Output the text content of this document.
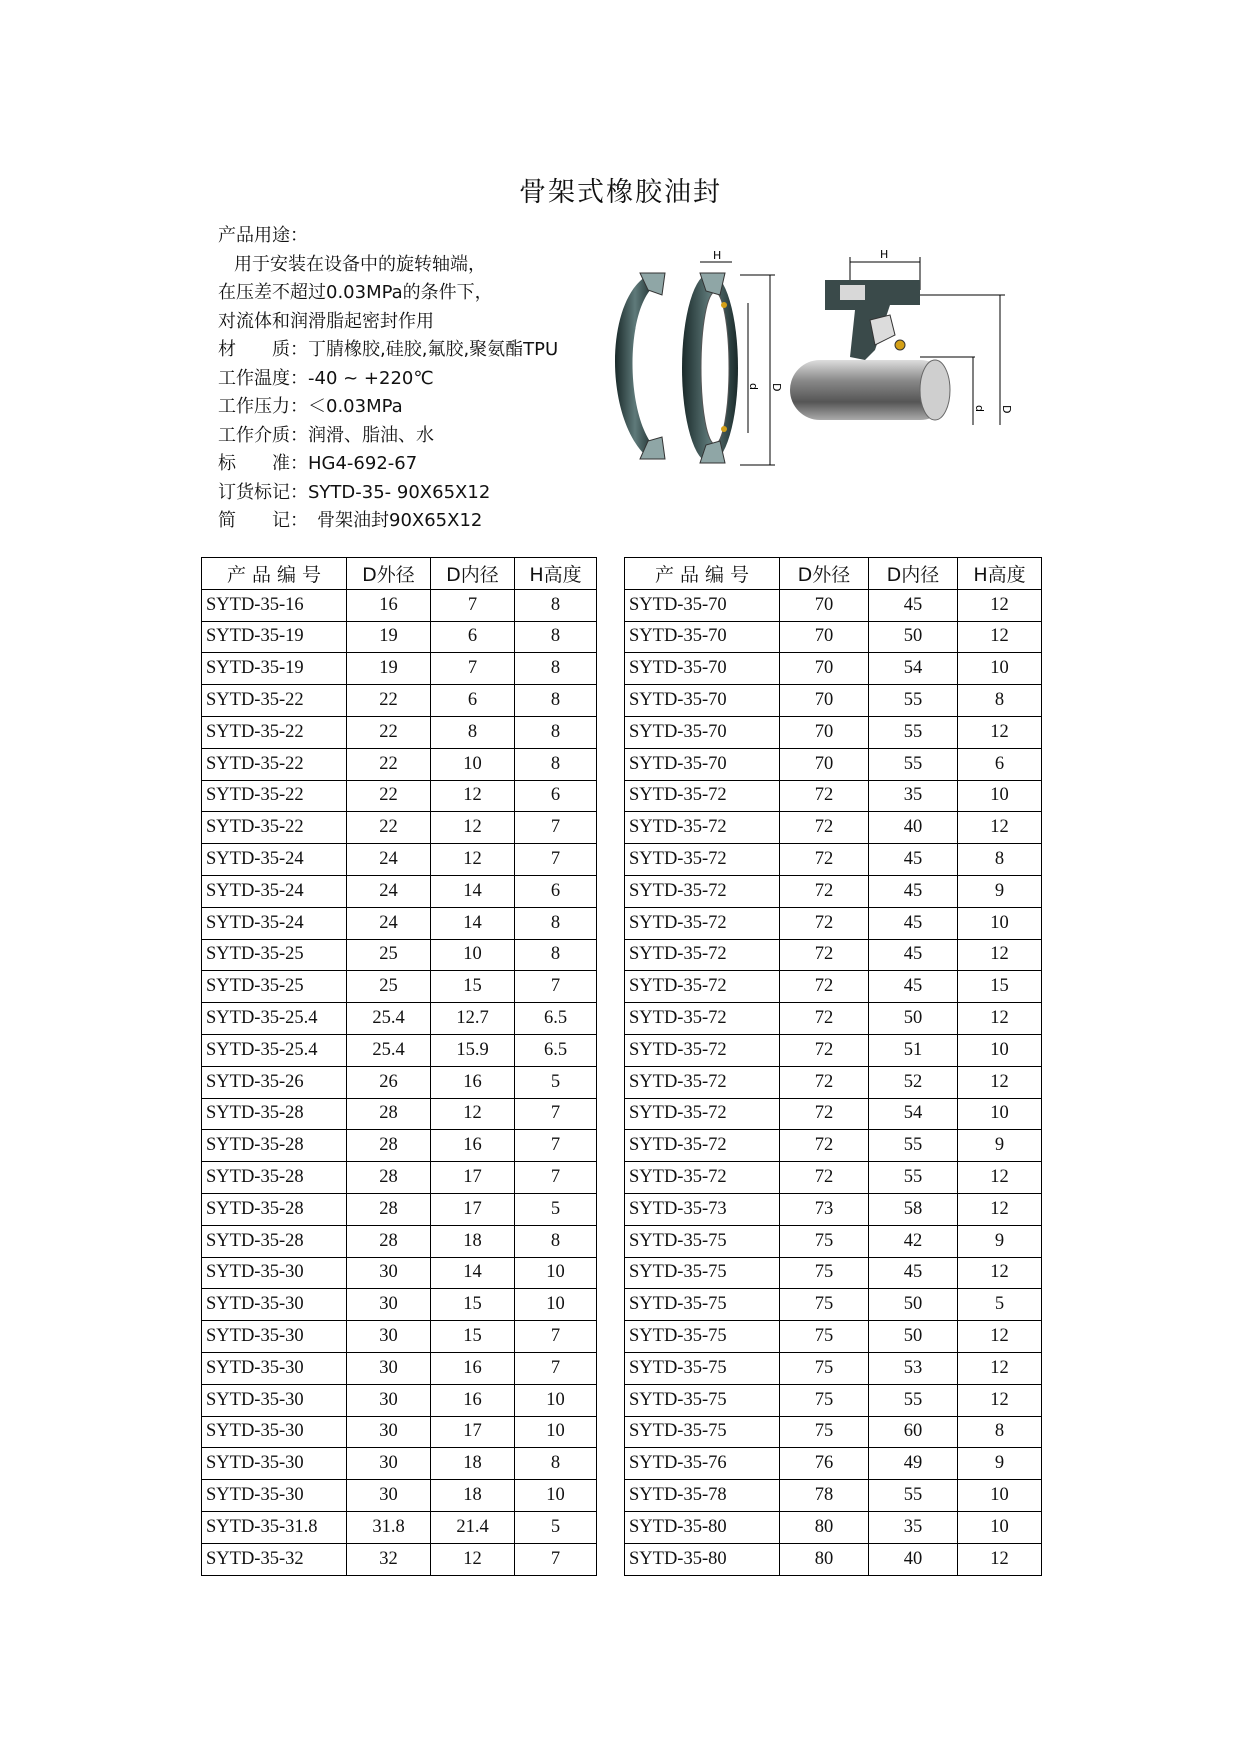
骨架式橡胶油封
产品用途：
用于安装在设备中的旋转轴端，
在压差不超过0.03MPa的条件下，
对流体和润滑脂起密封作用
材　　质：丁腈橡胶,硅胶,氟胶,聚氨酯TPU
工作温度：-40 ~ +220℃
工作压力：＜0.03MPa
工作介质：润滑、脂油、水
标　　准：HG4-692-67
订货标记：SYTD-35- 90X65X12
简　　记：　骨架油封90X65X12
H
d D
H
d D
产 品 编 号	D外径	D内径	H高度
SYTD-35-16	16	7	8
SYTD-35-19	19	6	8
SYTD-35-19	19	7	8
SYTD-35-22	22	6	8
SYTD-35-22	22	8	8
SYTD-35-22	22	10	8
SYTD-35-22	22	12	6
SYTD-35-22	22	12	7
SYTD-35-24	24	12	7
SYTD-35-24	24	14	6
SYTD-35-24	24	14	8
SYTD-35-25	25	10	8
SYTD-35-25	25	15	7
SYTD-35-25.4	25.4	12.7	6.5
SYTD-35-25.4	25.4	15.9	6.5
SYTD-35-26	26	16	5
SYTD-35-28	28	12	7
SYTD-35-28	28	16	7
SYTD-35-28	28	17	7
SYTD-35-28	28	17	5
SYTD-35-28	28	18	8
SYTD-35-30	30	14	10
SYTD-35-30	30	15	10
SYTD-35-30	30	15	7
SYTD-35-30	30	16	7
SYTD-35-30	30	16	10
SYTD-35-30	30	17	10
SYTD-35-30	30	18	8
SYTD-35-30	30	18	10
SYTD-35-31.8	31.8	21.4	5
SYTD-35-32	32	12	7
产 品 编 号	D外径	D内径	H高度
SYTD-35-70	70	45	12
SYTD-35-70	70	50	12
SYTD-35-70	70	54	10
SYTD-35-70	70	55	8
SYTD-35-70	70	55	12
SYTD-35-70	70	55	6
SYTD-35-72	72	35	10
SYTD-35-72	72	40	12
SYTD-35-72	72	45	8
SYTD-35-72	72	45	9
SYTD-35-72	72	45	10
SYTD-35-72	72	45	12
SYTD-35-72	72	45	15
SYTD-35-72	72	50	12
SYTD-35-72	72	51	10
SYTD-35-72	72	52	12
SYTD-35-72	72	54	10
SYTD-35-72	72	55	9
SYTD-35-72	72	55	12
SYTD-35-73	73	58	12
SYTD-35-75	75	42	9
SYTD-35-75	75	45	12
SYTD-35-75	75	50	5
SYTD-35-75	75	50	12
SYTD-35-75	75	53	12
SYTD-35-75	75	55	12
SYTD-35-75	75	60	8
SYTD-35-76	76	49	9
SYTD-35-78	78	55	10
SYTD-35-80	80	35	10
SYTD-35-80	80	40	12
